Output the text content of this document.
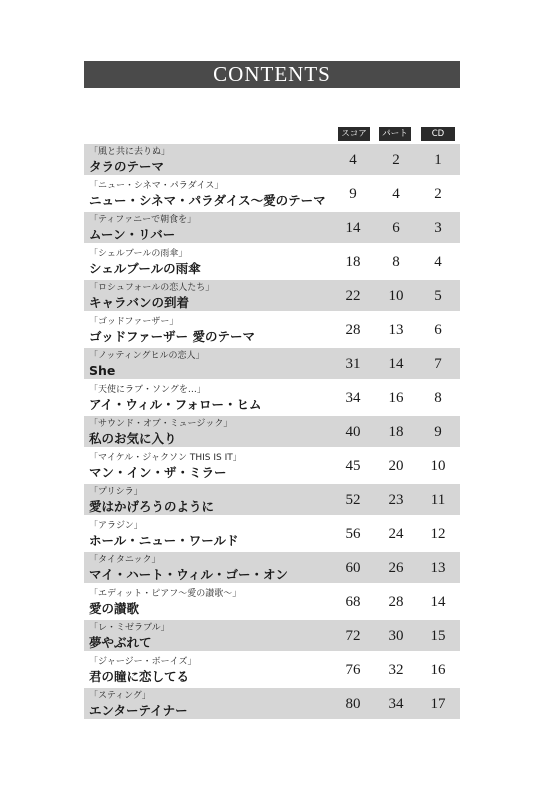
CONTENTS
スコア	パート	CD
「風と共に去りぬ」
タラのテーマ	4	2	1
「ニュー・シネマ・パラダイス」
ニュー・シネマ・パラダイス～愛のテーマ	9	4	2
「ティファニーで朝食を」
ムーン・リバー	14	6	3
「シェルブールの雨傘」
シェルブールの雨傘	18	8	4
「ロシュフォールの恋人たち」
キャラバンの到着	22	10	5
「ゴッドファーザー」
ゴッドファーザー 愛のテーマ	28	13	6
「ノッティングヒルの恋人」
She	31	14	7
「天使にラブ・ソングを…」
アイ・ウィル・フォロー・ヒム	34	16	8
「サウンド・オブ・ミュージック」
私のお気に入り	40	18	9
「マイケル・ジャクソン THIS IS IT」
マン・イン・ザ・ミラー	45	20	10
「プリシラ」
愛はかげろうのように	52	23	11
「アラジン」
ホール・ニュー・ワールド	56	24	12
「タイタニック」
マイ・ハート・ウィル・ゴー・オン	60	26	13
「エディット・ピアフ～愛の讃歌～」
愛の讃歌	68	28	14
「レ・ミゼラブル」
夢やぶれて	72	30	15
「ジャージー・ボーイズ」
君の瞳に恋してる	76	32	16
「スティング」
エンターテイナー	80	34	17
